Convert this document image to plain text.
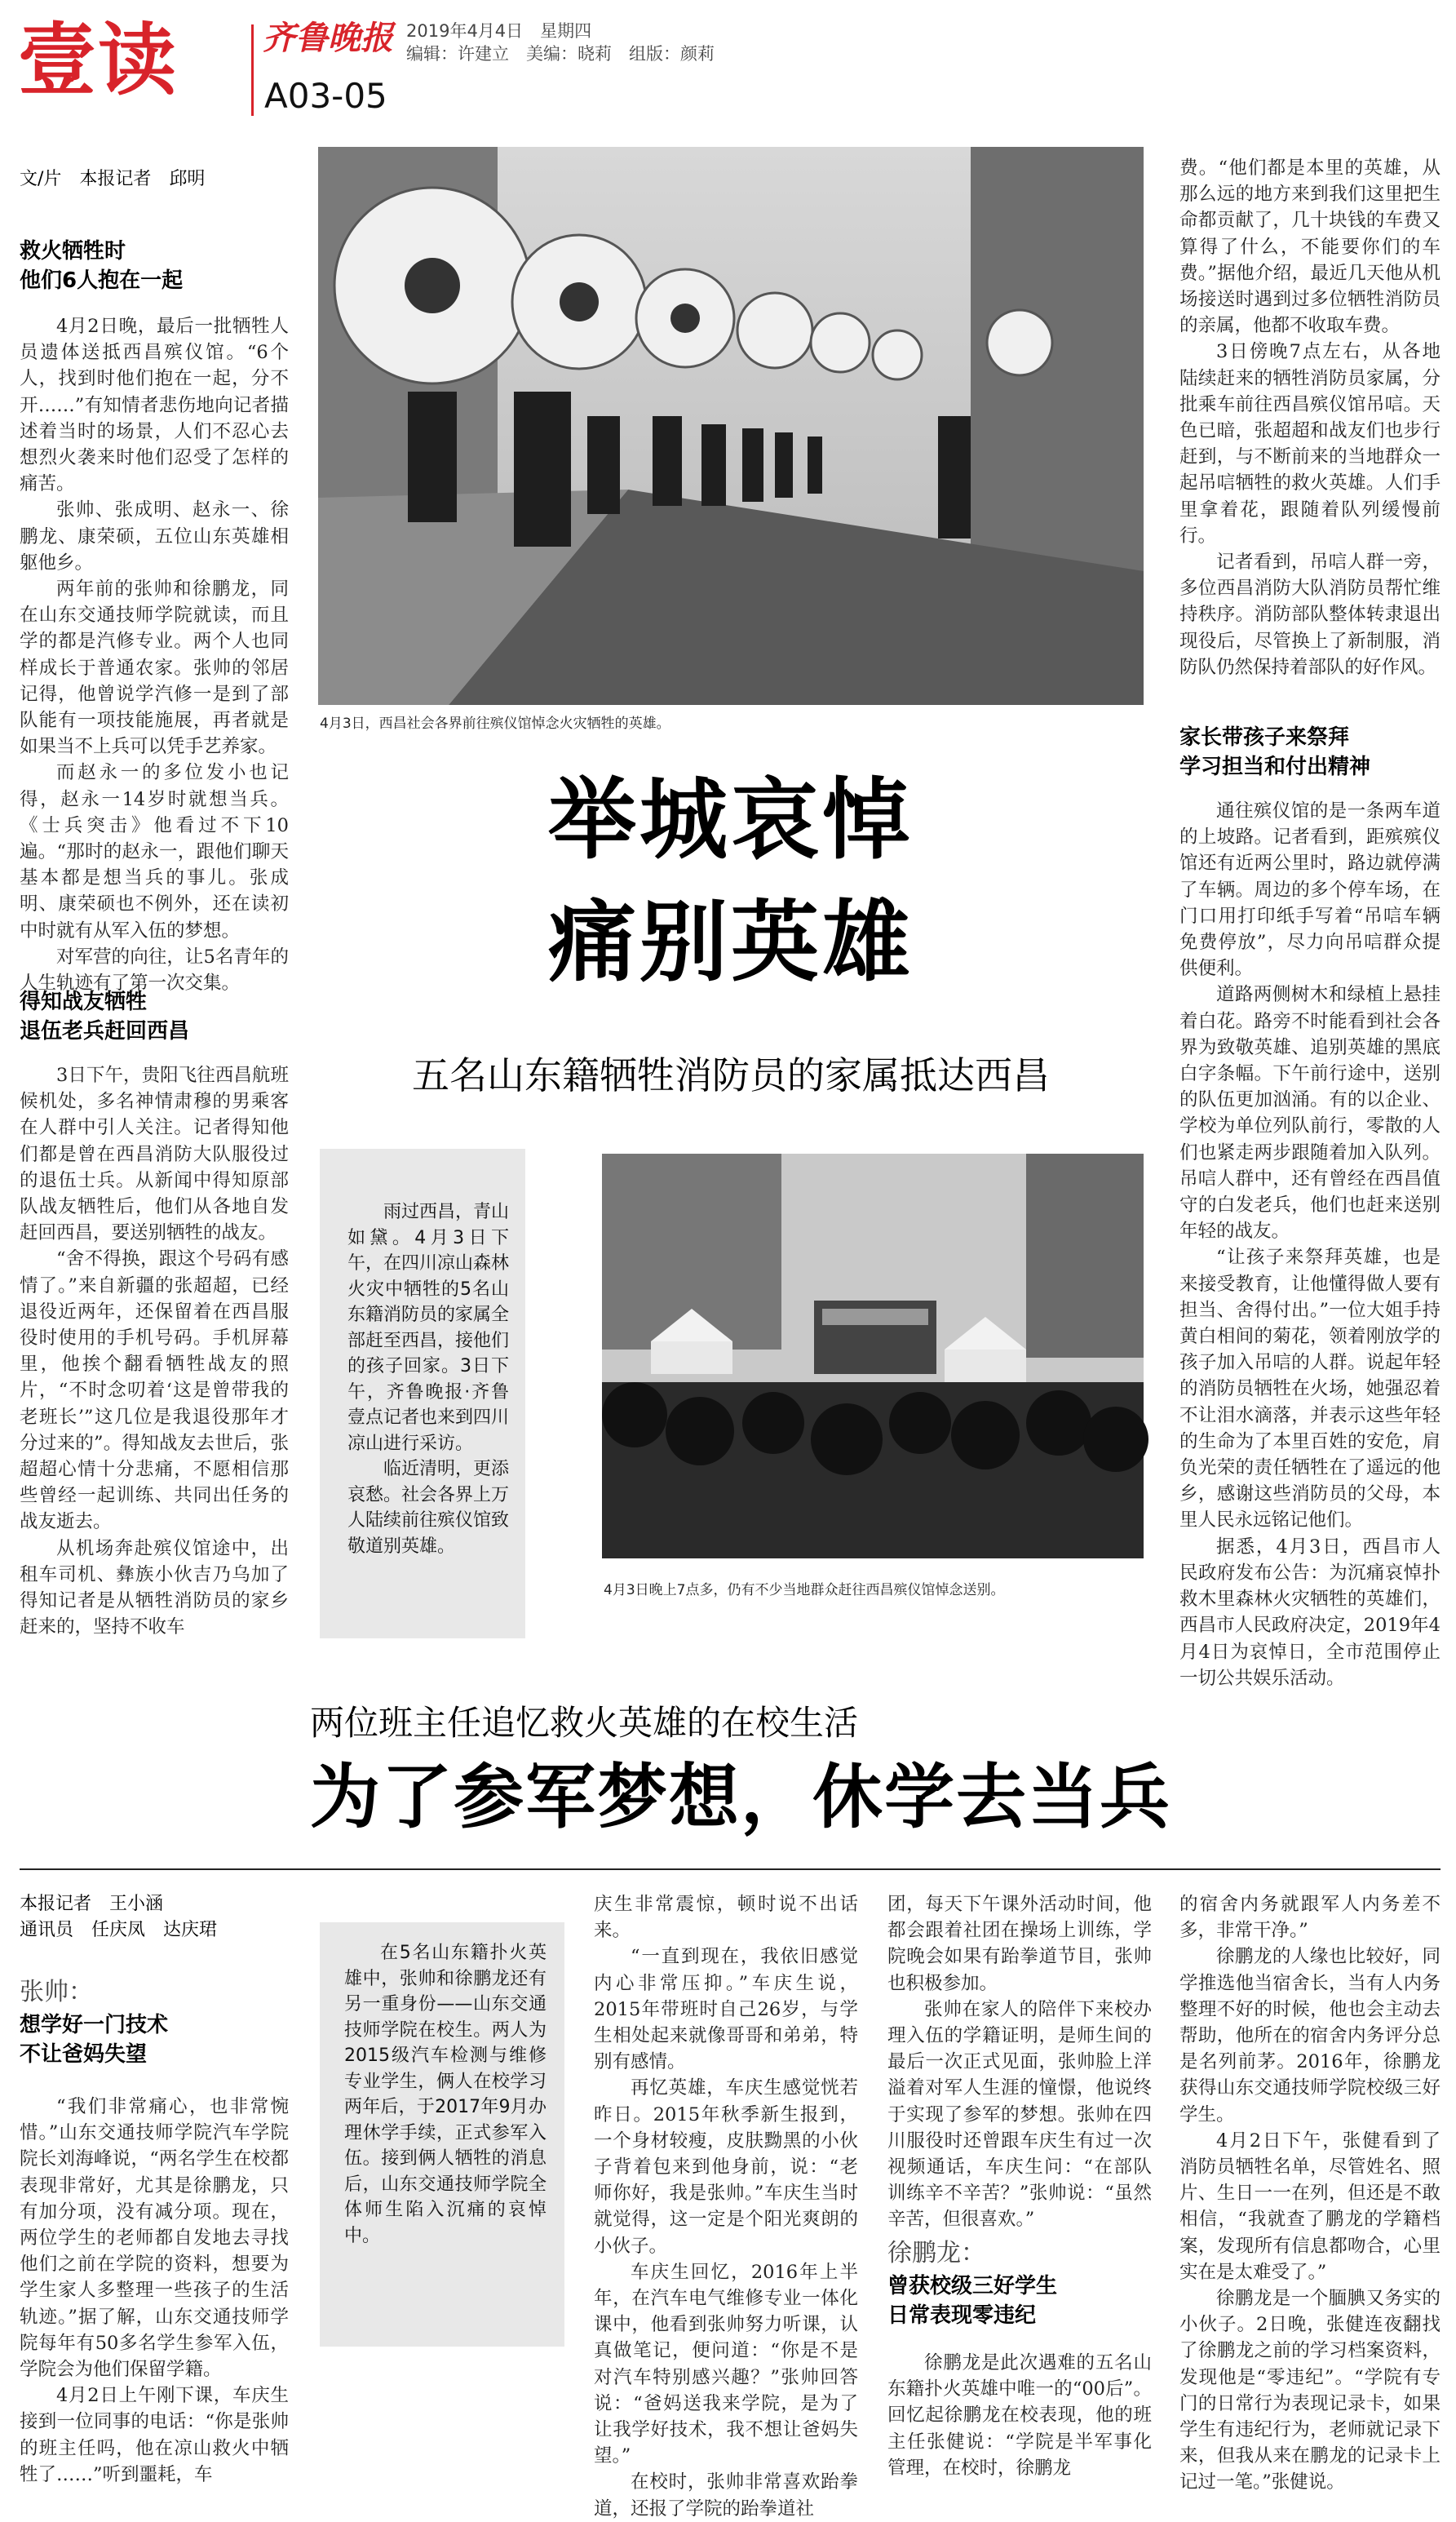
壹读	齐鲁晚报 2019年4月4日　星期四
编辑：许建立　美编：晓莉　组版：颜莉
A03-05
文/片　本报记者　邱明
救火牺牲时
他们6人抱在一起

4月2日晚，最后一批牺牲人员遗体送抵西昌殡仪馆。“6个人，找到时他们抱在一起，分不开……”有知情者悲伤地向记者描述着当时的场景，人们不忍心去想烈火袭来时他们忍受了怎样的痛苦。

张帅、张成明、赵永一、徐鹏龙、康荣硕，五位山东英雄相躯他乡。

两年前的张帅和徐鹏龙，同在山东交通技师学院就读，而且学的都是汽修专业。两个人也同样成长于普通农家。张帅的邻居记得，他曾说学汽修一是到了部队能有一项技能施展，再者就是如果当不上兵可以凭手艺养家。

而赵永一的多位发小也记得，赵永一14岁时就想当兵。《士兵突击》他看过不下10遍。“那时的赵永一，跟他们聊天基本都是想当兵的事儿。张成明、康荣硕也不例外，还在读初中时就有从军入伍的梦想。

对军营的向往，让5名青年的人生轨迹有了第一次交集。

得知战友牺牲
退伍老兵赶回西昌

3日下午，贵阳飞往西昌航班候机处，多名神情肃穆的男乘客在人群中引人关注。记者得知他们都是曾在西昌消防大队服役过的退伍士兵。从新闻中得知原部队战友牺牲后，他们从各地自发赶回西昌，要送别牺牲的战友。

“舍不得换，跟这个号码有感情了。”来自新疆的张超超，已经退役近两年，还保留着在西昌服役时使用的手机号码。手机屏幕里，他挨个翻看牺牲战友的照片，“不时念叨着‘这是曾带我的老班长’”这几位是我退役那年才分过来的”。得知战友去世后，张超超心情十分悲痛，不愿相信那些曾经一起训练、共同出任务的战友逝去。

从机场奔赴殡仪馆途中，出租车司机、彝族小伙吉乃乌加了得知记者是从牺牲消防员的家乡赶来的，坚持不收车

4月3日，西昌社会各界前往殡仪馆悼念火灾牺牲的英雄。
举城哀悼
痛别英雄
五名山东籍牺牲消防员的家属抵达西昌

雨过西昌，青山如黛。4月3日下午，在四川凉山森林火灾中牺牲的5名山东籍消防员的家属全部赶至西昌，接他们的孩子回家。3日下午，齐鲁晚报·齐鲁壹点记者也来到四川凉山进行采访。

临近清明，更添哀愁。社会各界上万人陆续前往殡仪馆致敬道别英雄。

4月3日晚上7点多，仍有不少当地群众赶往西昌殡仪馆悼念送别。

费。“他们都是本里的英雄，从那么远的地方来到我们这里把生命都贡献了，几十块钱的车费又算得了什么，不能要你们的车费。”据他介绍，最近几天他从机场接送时遇到过多位牺牲消防员的亲属，他都不收取车费。

3日傍晚7点左右，从各地陆续赶来的牺牲消防员家属，分批乘车前往西昌殡仪馆吊唁。天色已暗，张超超和战友们也步行赶到，与不断前来的当地群众一起吊唁牺牲的救火英雄。人们手里拿着花，跟随着队列缓慢前行。

记者看到，吊唁人群一旁，多位西昌消防大队消防员帮忙维持秩序。消防部队整体转隶退出现役后，尽管换上了新制服，消防队仍然保持着部队的好作风。

家长带孩子来祭拜
学习担当和付出精神

通往殡仪馆的是一条两车道的上坡路。记者看到，距殡殡仪馆还有近两公里时，路边就停满了车辆。周边的多个停车场，在门口用打印纸手写着“吊唁车辆免费停放”，尽力向吊唁群众提供便利。

道路两侧树木和绿植上悬挂着白花。路旁不时能看到社会各界为致敬英雄、追别英雄的黑底白字条幅。下午前行途中，送别的队伍更加汹涌。有的以企业、学校为单位列队前行，零散的人们也紧走两步跟随着加入队列。吊唁人群中，还有曾经在西昌值守的白发老兵，他们也赶来送别年轻的战友。

“让孩子来祭拜英雄，也是来接受教育，让他懂得做人要有担当、舍得付出。”一位大姐手持黄白相间的菊花，领着刚放学的孩子加入吊唁的人群。说起年轻的消防员牺牲在火场，她强忍着不让泪水滴落，并表示这些年轻的生命为了本里百姓的安危，肩负光荣的责任牺牲在了遥远的他乡，感谢这些消防员的父母，本里人民永远铭记他们。

据悉，4月3日，西昌市人民政府发布公告：为沉痛哀悼扑救木里森林火灾牺牲的英雄们，西昌市人民政府决定，2019年4月4日为哀悼日，全市范围停止一切公共娱乐活动。

两位班主任追忆救火英雄的在校生活
为了参军梦想，休学去当兵
本报记者　王小涵
通讯员　任庆凤　达庆珺
张帅：
想学好一门技术
不让爸妈失望

“我们非常痛心，也非常惋惜。”山东交通技师学院汽车学院院长刘海峰说，“两名学生在校都表现非常好，尤其是徐鹏龙，只有加分项，没有减分项。现在，两位学生的老师都自发地去寻找他们之前在学院的资料，想要为学生家人多整理一些孩子的生活轨迹。”据了解，山东交通技师学院每年有50多名学生参军入伍，学院会为他们保留学籍。

4月2日上午刚下课，车庆生接到一位同事的电话：“你是张帅的班主任吗，他在凉山救火中牺牲了……”听到噩耗，车

在5名山东籍扑火英雄中，张帅和徐鹏龙还有另一重身份——山东交通技师学院在校生。两人为2015级汽车检测与维修专业学生，俩人在校学习两年后，于2017年9月办理休学手续，正式参军入伍。接到俩人牺牲的消息后，山东交通技师学院全体师生陷入沉痛的哀悼中。

庆生非常震惊，顿时说不出话来。

“一直到现在，我依旧感觉内心非常压抑。”车庆生说，2015年带班时自己26岁，与学生相处起来就像哥哥和弟弟，特别有感情。

再忆英雄，车庆生感觉恍若昨日。2015年秋季新生报到，一个身材较瘦，皮肤黝黑的小伙子背着包来到他身前，说：“老师你好，我是张帅。”车庆生当时就觉得，这一定是个阳光爽朗的小伙子。

车庆生回忆，2016年上半年，在汽车电气维修专业一体化课中，他看到张帅努力听课，认真做笔记，便问道：“你是不是对汽车特别感兴趣？”张帅回答说：“爸妈送我来学院，是为了让我学好技术，我不想让爸妈失望。”

在校时，张帅非常喜欢跆拳道，还报了学院的跆拳道社

团，每天下午课外活动时间，他都会跟着社团在操场上训练，学院晚会如果有跆拳道节目，张帅也积极参加。

张帅在家人的陪伴下来校办理入伍的学籍证明，是师生间的最后一次正式见面，张帅脸上洋溢着对军人生涯的憧憬，他说终于实现了参军的梦想。张帅在四川服役时还曾跟车庆生有过一次视频通话，车庆生问：“在部队训练辛不辛苦？”张帅说：“虽然辛苦，但很喜欢。”

徐鹏龙：
曾获校级三好学生
日常表现零违纪

徐鹏龙是此次遇难的五名山东籍扑火英雄中唯一的“00后”。回忆起徐鹏龙在校表现，他的班主任张健说：“学院是半军事化管理，在校时，徐鹏龙

的宿舍内务就跟军人内务差不多，非常干净。”

徐鹏龙的人缘也比较好，同学推选他当宿舍长，当有人内务整理不好的时候，他也会主动去帮助，他所在的宿舍内务评分总是名列前茅。2016年，徐鹏龙获得山东交通技师学院校级三好学生。

4月2日下午，张健看到了消防员牺牲名单，尽管姓名、照片、生日一一在列，但还是不敢相信，“我就查了鹏龙的学籍档案，发现所有信息都吻合，心里实在是太难受了。”

徐鹏龙是一个腼腆又务实的小伙子。2日晚，张健连夜翻找了徐鹏龙之前的学习档案资料，发现他是“零违纪”。“学院有专门的日常行为表现记录卡，如果学生有违纪行为，老师就记录下来，但我从来在鹏龙的记录卡上记过一笔。”张健说。
